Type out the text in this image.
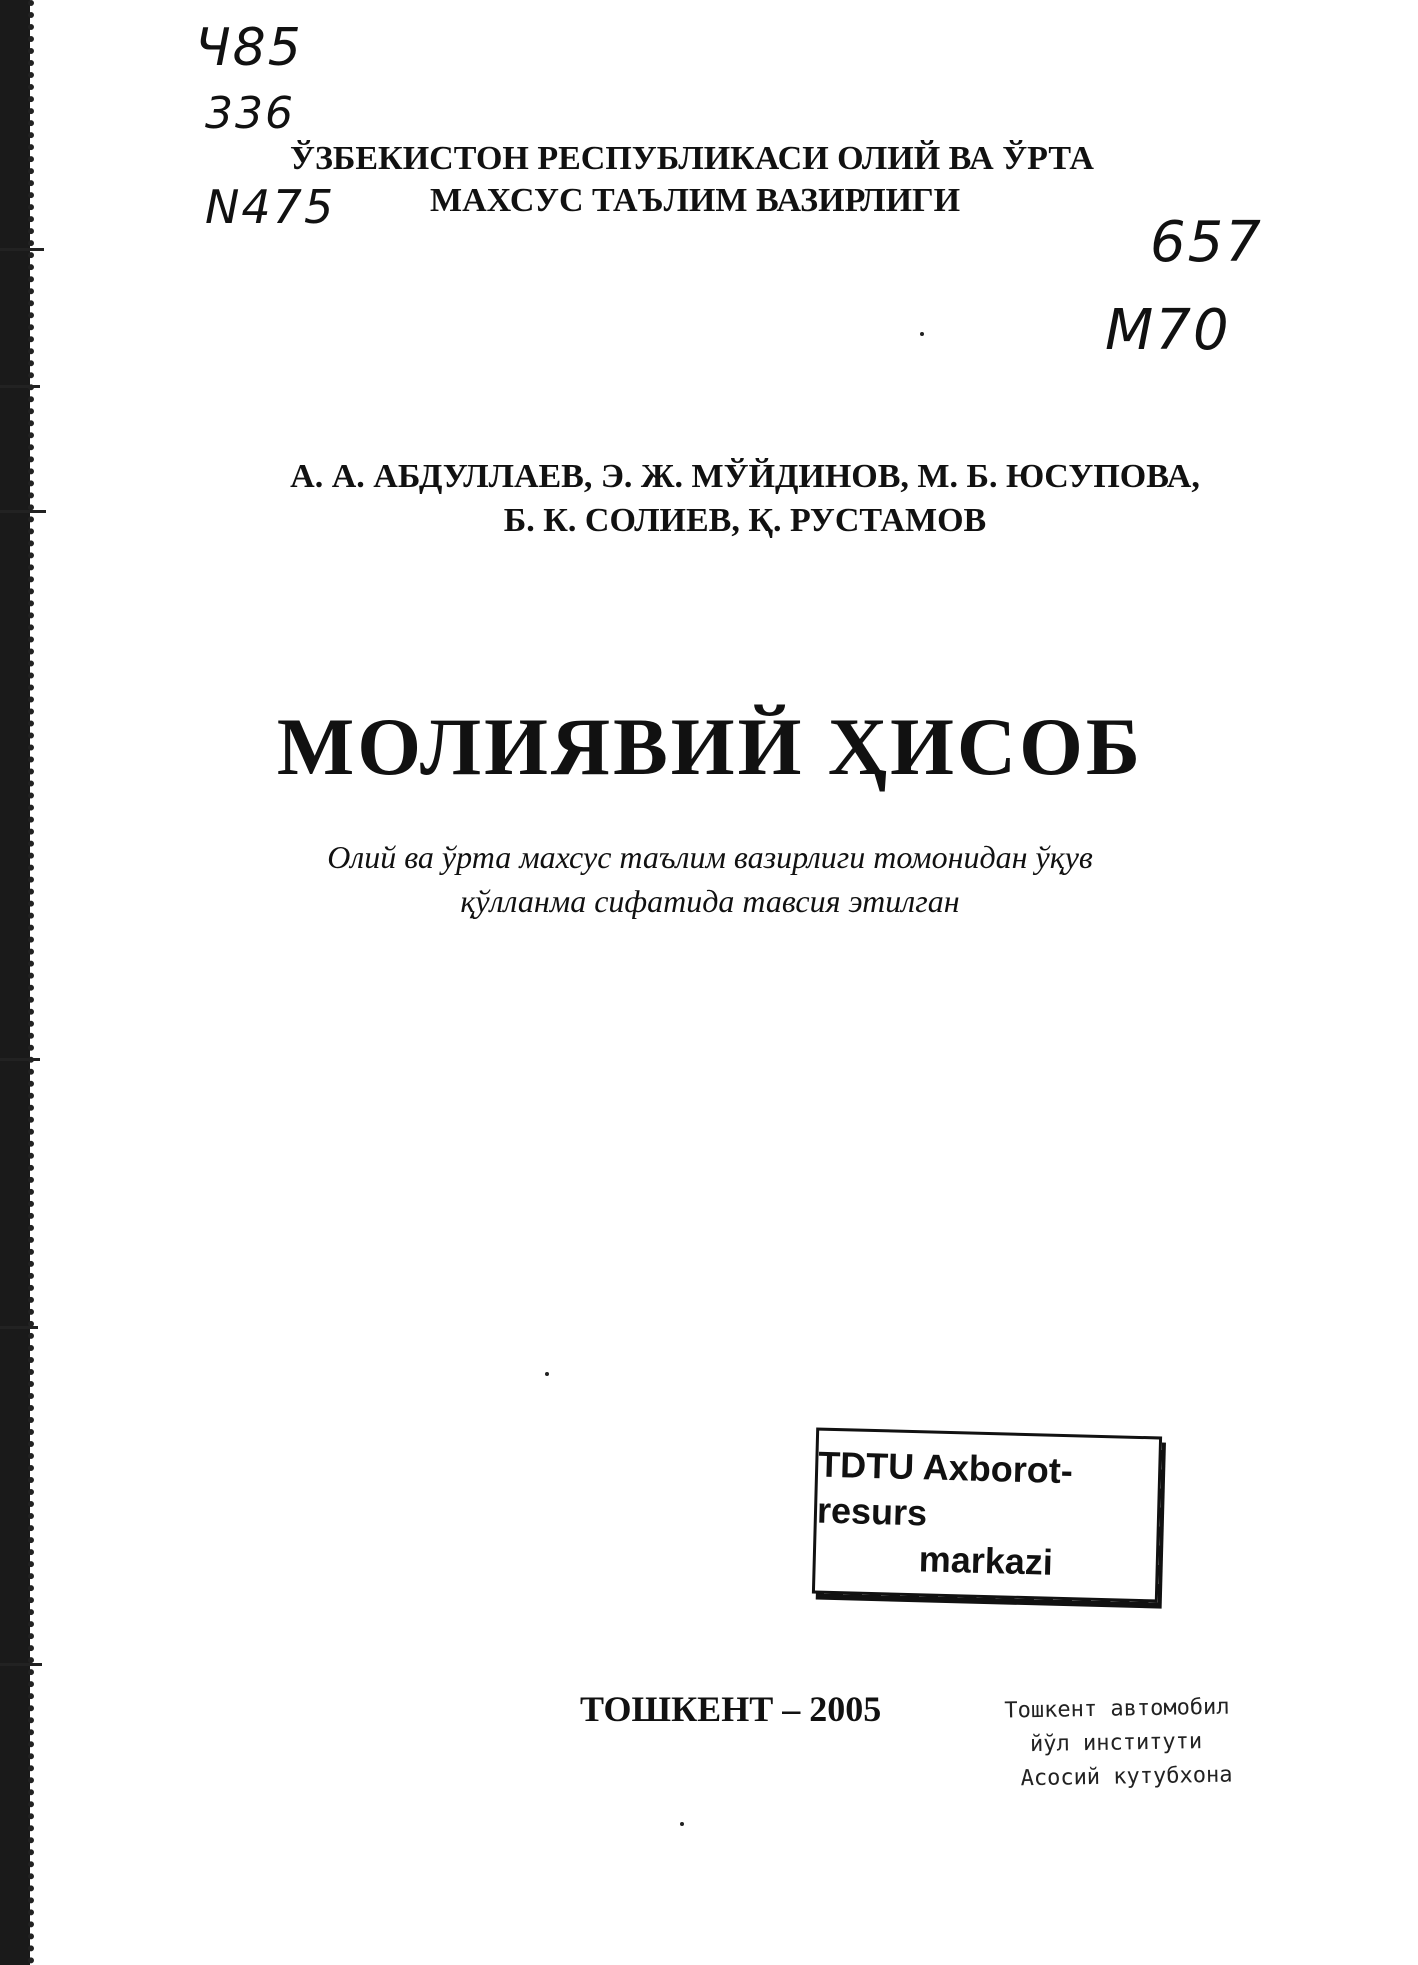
Ч85
336
N475
657
М70
ЎЗБЕКИСТОН РЕСПУБЛИКАСИ ОЛИЙ ВА ЎРТА
МАХСУС ТАЪЛИМ ВАЗИРЛИГИ
А. А. АБДУЛЛАЕВ, Э. Ж. МЎЙДИНОВ, М. Б. ЮСУПОВА,
Б. К. СОЛИЕВ, Қ. РУСТАМОВ
МОЛИЯВИЙ ҲИСОБ
Олий ва ўрта махсус таълим вазирлиги томонидан ўқув
қўлланма сифатида тавсия этилган
TDTU Axborot-resurs
markazi
ТОШКЕНТ – 2005	Тошкент автомобил
йўл институти
Асосий кутубхона
